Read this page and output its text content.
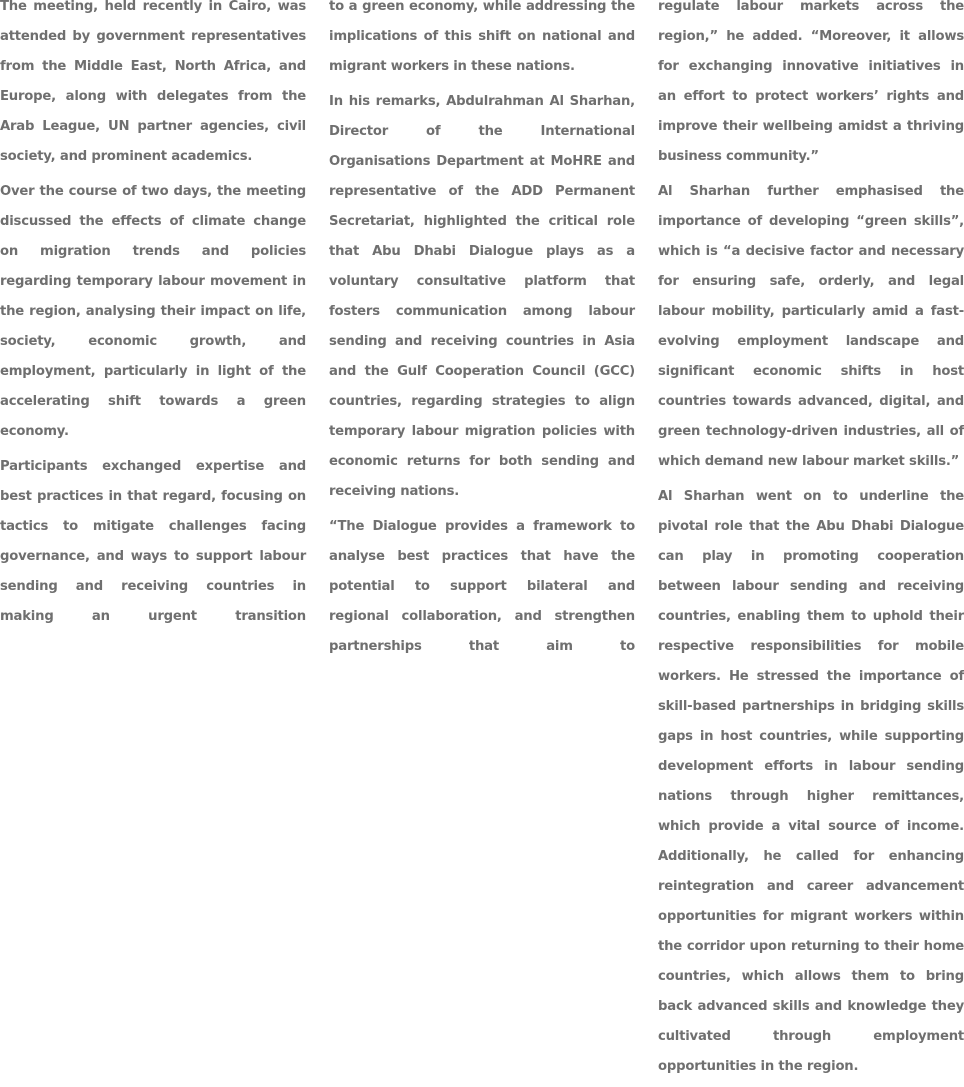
The meeting, held recently in Cairo, was attended by government representatives from the Middle East, North Africa, and Europe, along with delegates from the Arab League, UN partner agencies, civil society, and prominent academics.

Over the course of two days, the meeting discussed the effects of climate change on migration trends and policies regarding temporary labour movement in the region, analysing their impact on life, society, economic growth, and employment, particularly in light of the accelerating shift towards a green economy.

Participants exchanged expertise and best practices in that regard, focusing on tactics to mitigate challenges facing governance, and ways to support labour sending and receiving countries in making an urgent transition

to a green economy, while addressing the implications of this shift on national and migrant workers in these nations.

In his remarks, Abdulrahman Al Sharhan, Director of the International Organisations Department at MoHRE and representative of the ADD Permanent Secretariat, highlighted the critical role that Abu Dhabi Dialogue plays as a voluntary consultative platform that fosters communication among labour sending and receiving countries in Asia and the Gulf Cooperation Council (GCC) countries, regarding strategies to align temporary labour migration policies with economic returns for both sending and receiving nations.

“The Dialogue provides a framework to analyse best practices that have the potential to support bilateral and regional collaboration, and strengthen partnerships that aim to

regulate labour markets across the region,” he added. “Moreover, it allows for exchanging innovative initiatives in an effort to protect workers’ rights and improve their wellbeing amidst a thriving business community.”

Al Sharhan further emphasised the importance of developing “green skills”, which is “a decisive factor and necessary for ensuring safe, orderly, and legal labour mobility, particularly amid a fast-evolving employment landscape and significant economic shifts in host countries towards advanced, digital, and green technology-driven industries, all of which demand new labour market skills.”

Al Sharhan went on to underline the pivotal role that the Abu Dhabi Dialogue can play in promoting cooperation between labour sending and receiving countries, enabling them to uphold their respective responsibilities for mobile workers. He stressed the importance of skill-based partnerships in bridging skills gaps in host countries, while supporting development efforts in labour sending nations through higher remittances, which provide a vital source of income. Additionally, he called for enhancing reintegration and career advancement opportunities for migrant workers within the corridor upon returning to their home countries, which allows them to bring back advanced skills and knowledge they cultivated through employment opportunities in the region.
